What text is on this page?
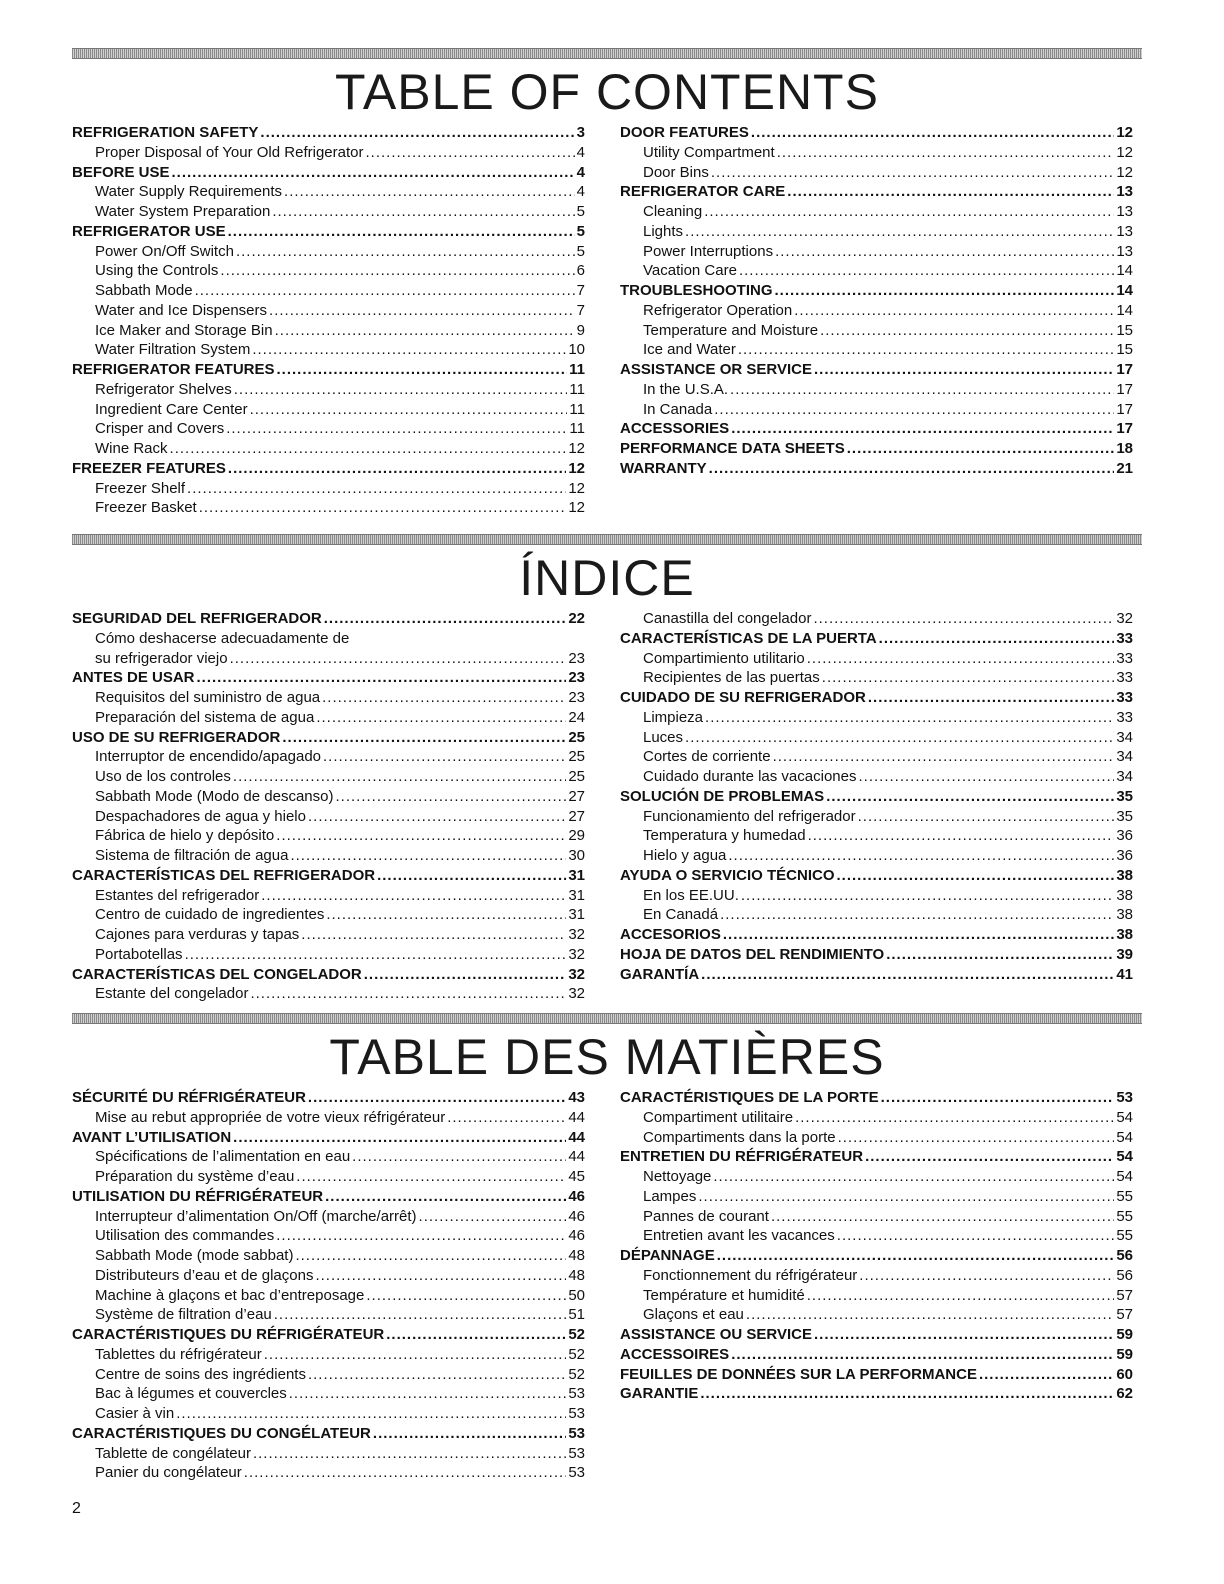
TABLE OF CONTENTS
REFRIGERATION SAFETY .....	3
Proper Disposal of Your Old Refrigerator .....	4
BEFORE USE .....	4
Water Supply Requirements .....	4
Water System Preparation .....	5
REFRIGERATOR USE .....	5
Power On/Off Switch .....	5
Using the Controls .....	6
Sabbath Mode .....	7
Water and Ice Dispensers .....	7
Ice Maker and Storage Bin .....	9
Water Filtration System .....	10
REFRIGERATOR FEATURES .....	11
Refrigerator Shelves .....	11
Ingredient Care Center .....	11
Crisper and Covers .....	11
Wine Rack .....	12
FREEZER FEATURES .....	12
Freezer Shelf .....	12
Freezer Basket .....	12
DOOR FEATURES .....	12
Utility Compartment .....	12
Door Bins .....	12
REFRIGERATOR CARE .....	13
Cleaning .....	13
Lights .....	13
Power Interruptions .....	13
Vacation Care .....	14
TROUBLESHOOTING .....	14
Refrigerator Operation .....	14
Temperature and Moisture .....	15
Ice and Water .....	15
ASSISTANCE OR SERVICE .....	17
In the U.S.A. .....	17
In Canada .....	17
ACCESSORIES .....	17
PERFORMANCE DATA SHEETS .....	18
WARRANTY .....	21
ÍNDICE
SEGURIDAD DEL REFRIGERADOR .....	22
Cómo deshacerse adecuadamente de
su refrigerador viejo .....	23
ANTES DE USAR .....	23
Requisitos del suministro de agua .....	23
Preparación del sistema de agua .....	24
USO DE SU REFRIGERADOR .....	25
Interruptor de encendido/apagado .....	25
Uso de los controles .....	25
Sabbath Mode (Modo de descanso) .....	27
Despachadores de agua y hielo .....	27
Fábrica de hielo y depósito .....	29
Sistema de filtración de agua .....	30
CARACTERÍSTICAS DEL REFRIGERADOR .....	31
Estantes del refrigerador .....	31
Centro de cuidado de ingredientes .....	31
Cajones para verduras y tapas .....	32
Portabotellas .....	32
CARACTERÍSTICAS DEL CONGELADOR .....	32
Estante del congelador .....	32
Canastilla del congelador .....	32
CARACTERÍSTICAS DE LA PUERTA .....	33
Compartimiento utilitario .....	33
Recipientes de las puertas .....	33
CUIDADO DE SU REFRIGERADOR .....	33
Limpieza .....	33
Luces .....	34
Cortes de corriente .....	34
Cuidado durante las vacaciones .....	34
SOLUCIÓN DE PROBLEMAS .....	35
Funcionamiento del refrigerador .....	35
Temperatura y humedad .....	36
Hielo y agua .....	36
AYUDA O SERVICIO TÉCNICO .....	38
En los EE.UU. .....	38
En Canadá .....	38
ACCESORIOS .....	38
HOJA DE DATOS DEL RENDIMIENTO .....	39
GARANTÍA .....	41
TABLE DES MATIÈRES
SÉCURITÉ DU RÉFRIGÉRATEUR .....	43
Mise au rebut appropriée de votre vieux réfrigérateur .....	44
AVANT L’UTILISATION .....	44
Spécifications de l’alimentation en eau .....	44
Préparation du système d’eau .....	45
UTILISATION DU RÉFRIGÉRATEUR .....	46
Interrupteur d’alimentation On/Off (marche/arrêt) .....	46
Utilisation des commandes .....	46
Sabbath Mode (mode sabbat) .....	48
Distributeurs d’eau et de glaçons .....	48
Machine à glaçons et bac d’entreposage .....	50
Système de filtration d’eau .....	51
CARACTÉRISTIQUES DU RÉFRIGÉRATEUR .....	52
Tablettes du réfrigérateur .....	52
Centre de soins des ingrédients .....	52
Bac à légumes et couvercles .....	53
Casier à vin .....	53
CARACTÉRISTIQUES DU CONGÉLATEUR .....	53
Tablette de congélateur .....	53
Panier du congélateur .....	53
CARACTÉRISTIQUES DE LA PORTE .....	53
Compartiment utilitaire .....	54
Compartiments dans la porte .....	54
ENTRETIEN DU RÉFRIGÉRATEUR .....	54
Nettoyage .....	54
Lampes .....	55
Pannes de courant .....	55
Entretien avant les vacances .....	55
DÉPANNAGE .....	56
Fonctionnement du réfrigérateur .....	56
Température et humidité .....	57
Glaçons et eau .....	57
ASSISTANCE OU SERVICE .....	59
ACCESSOIRES .....	59
FEUILLES DE DONNÉES SUR LA PERFORMANCE .....	60
GARANTIE .....	62
2
